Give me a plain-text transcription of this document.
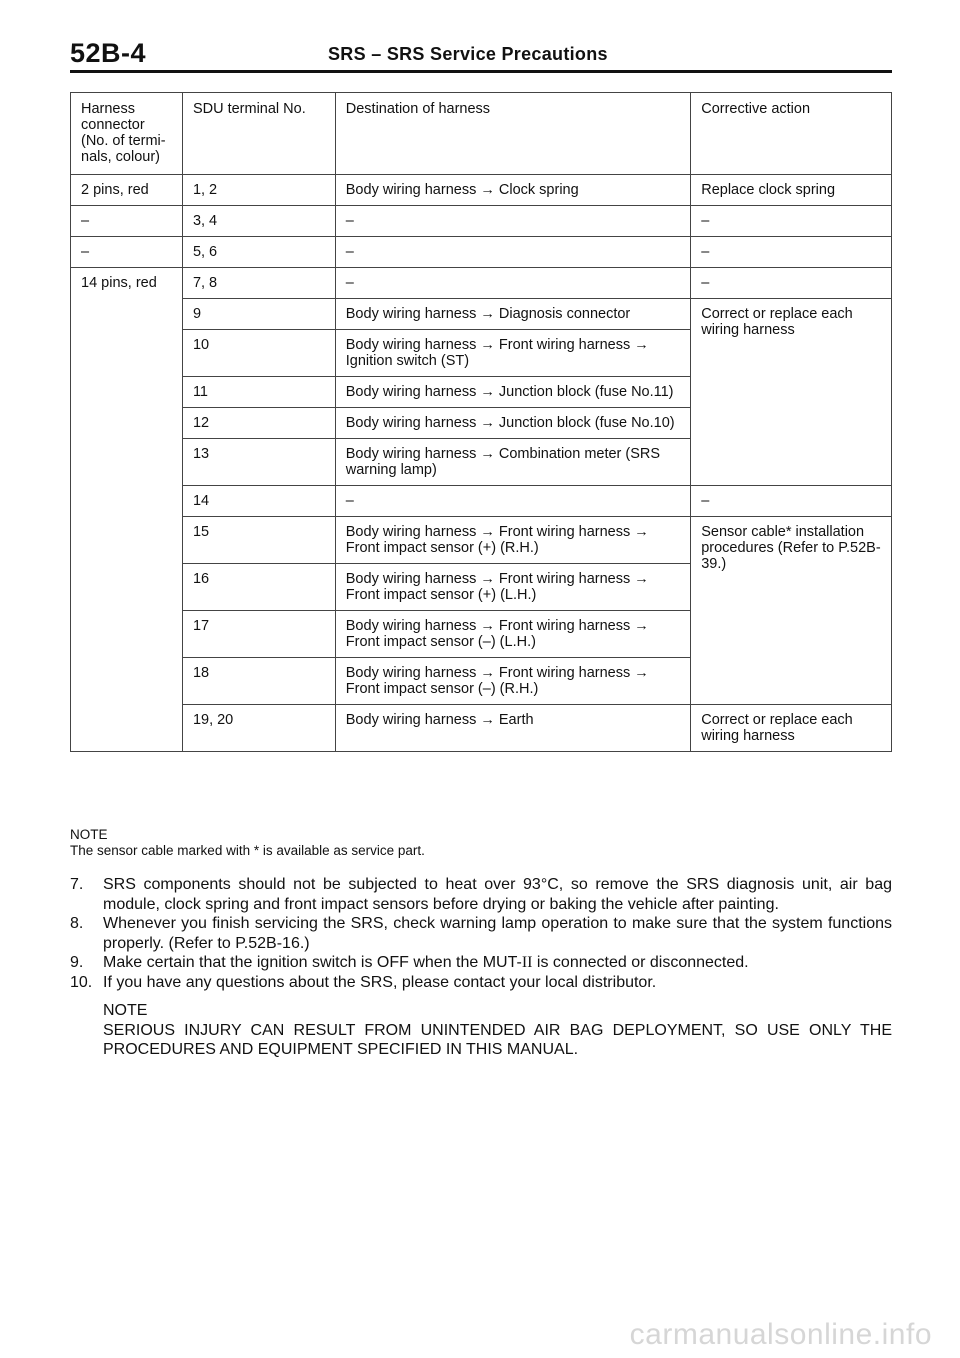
52B-4	SRS – SRS Service Precautions
Harness connector (No. of termi- nals, colour)	SDU terminal No.	Destination of harness	Corrective action
2 pins, red	1, 2	Body wiring harness → Clock spring	Replace clock spring
–	3, 4	–	–
–	5, 6	–	–
14 pins, red	7, 8	–	–
	9	Body wiring harness → Diagnosis connector	Correct or replace each wiring harness
	10	Body wiring harness → Front wiring harness → Ignition switch (ST)	
	11	Body wiring harness → Junction block (fuse No.11)	
	12	Body wiring harness → Junction block (fuse No.10)	
	13	Body wiring harness → Combination meter (SRS warning lamp)	
	14	–	–
	15	Body wiring harness → Front wiring harness → Front impact sensor (+) (R.H.)	Sensor cable* installation procedures (Refer to P.52B-39.)
	16	Body wiring harness → Front wiring harness → Front impact sensor (+) (L.H.)	
	17	Body wiring harness → Front wiring harness → Front impact sensor (–) (L.H.)	
	18	Body wiring harness → Front wiring harness → Front impact sensor (–) (R.H.)	
	19, 20	Body wiring harness → Earth	Correct or replace each wiring harness
NOTE
The sensor cable marked with * is available as service part.
7.	SRS components should not be subjected to heat over 93°C, so remove the SRS diagnosis unit, air bag module, clock spring and front impact sensors before drying or baking the vehicle after painting.
8.	Whenever you finish servicing the SRS, check warning lamp operation to make sure that the system functions properly. (Refer to P.52B-16.)
9.	Make certain that the ignition switch is OFF when the MUT-II is connected or disconnected.
10. If you have any questions about the SRS, please contact your local distributor.
NOTE
SERIOUS INJURY CAN RESULT FROM UNINTENDED AIR BAG DEPLOYMENT, SO USE ONLY THE PROCEDURES AND EQUIPMENT SPECIFIED IN THIS MANUAL.
carmanualsonline.info
